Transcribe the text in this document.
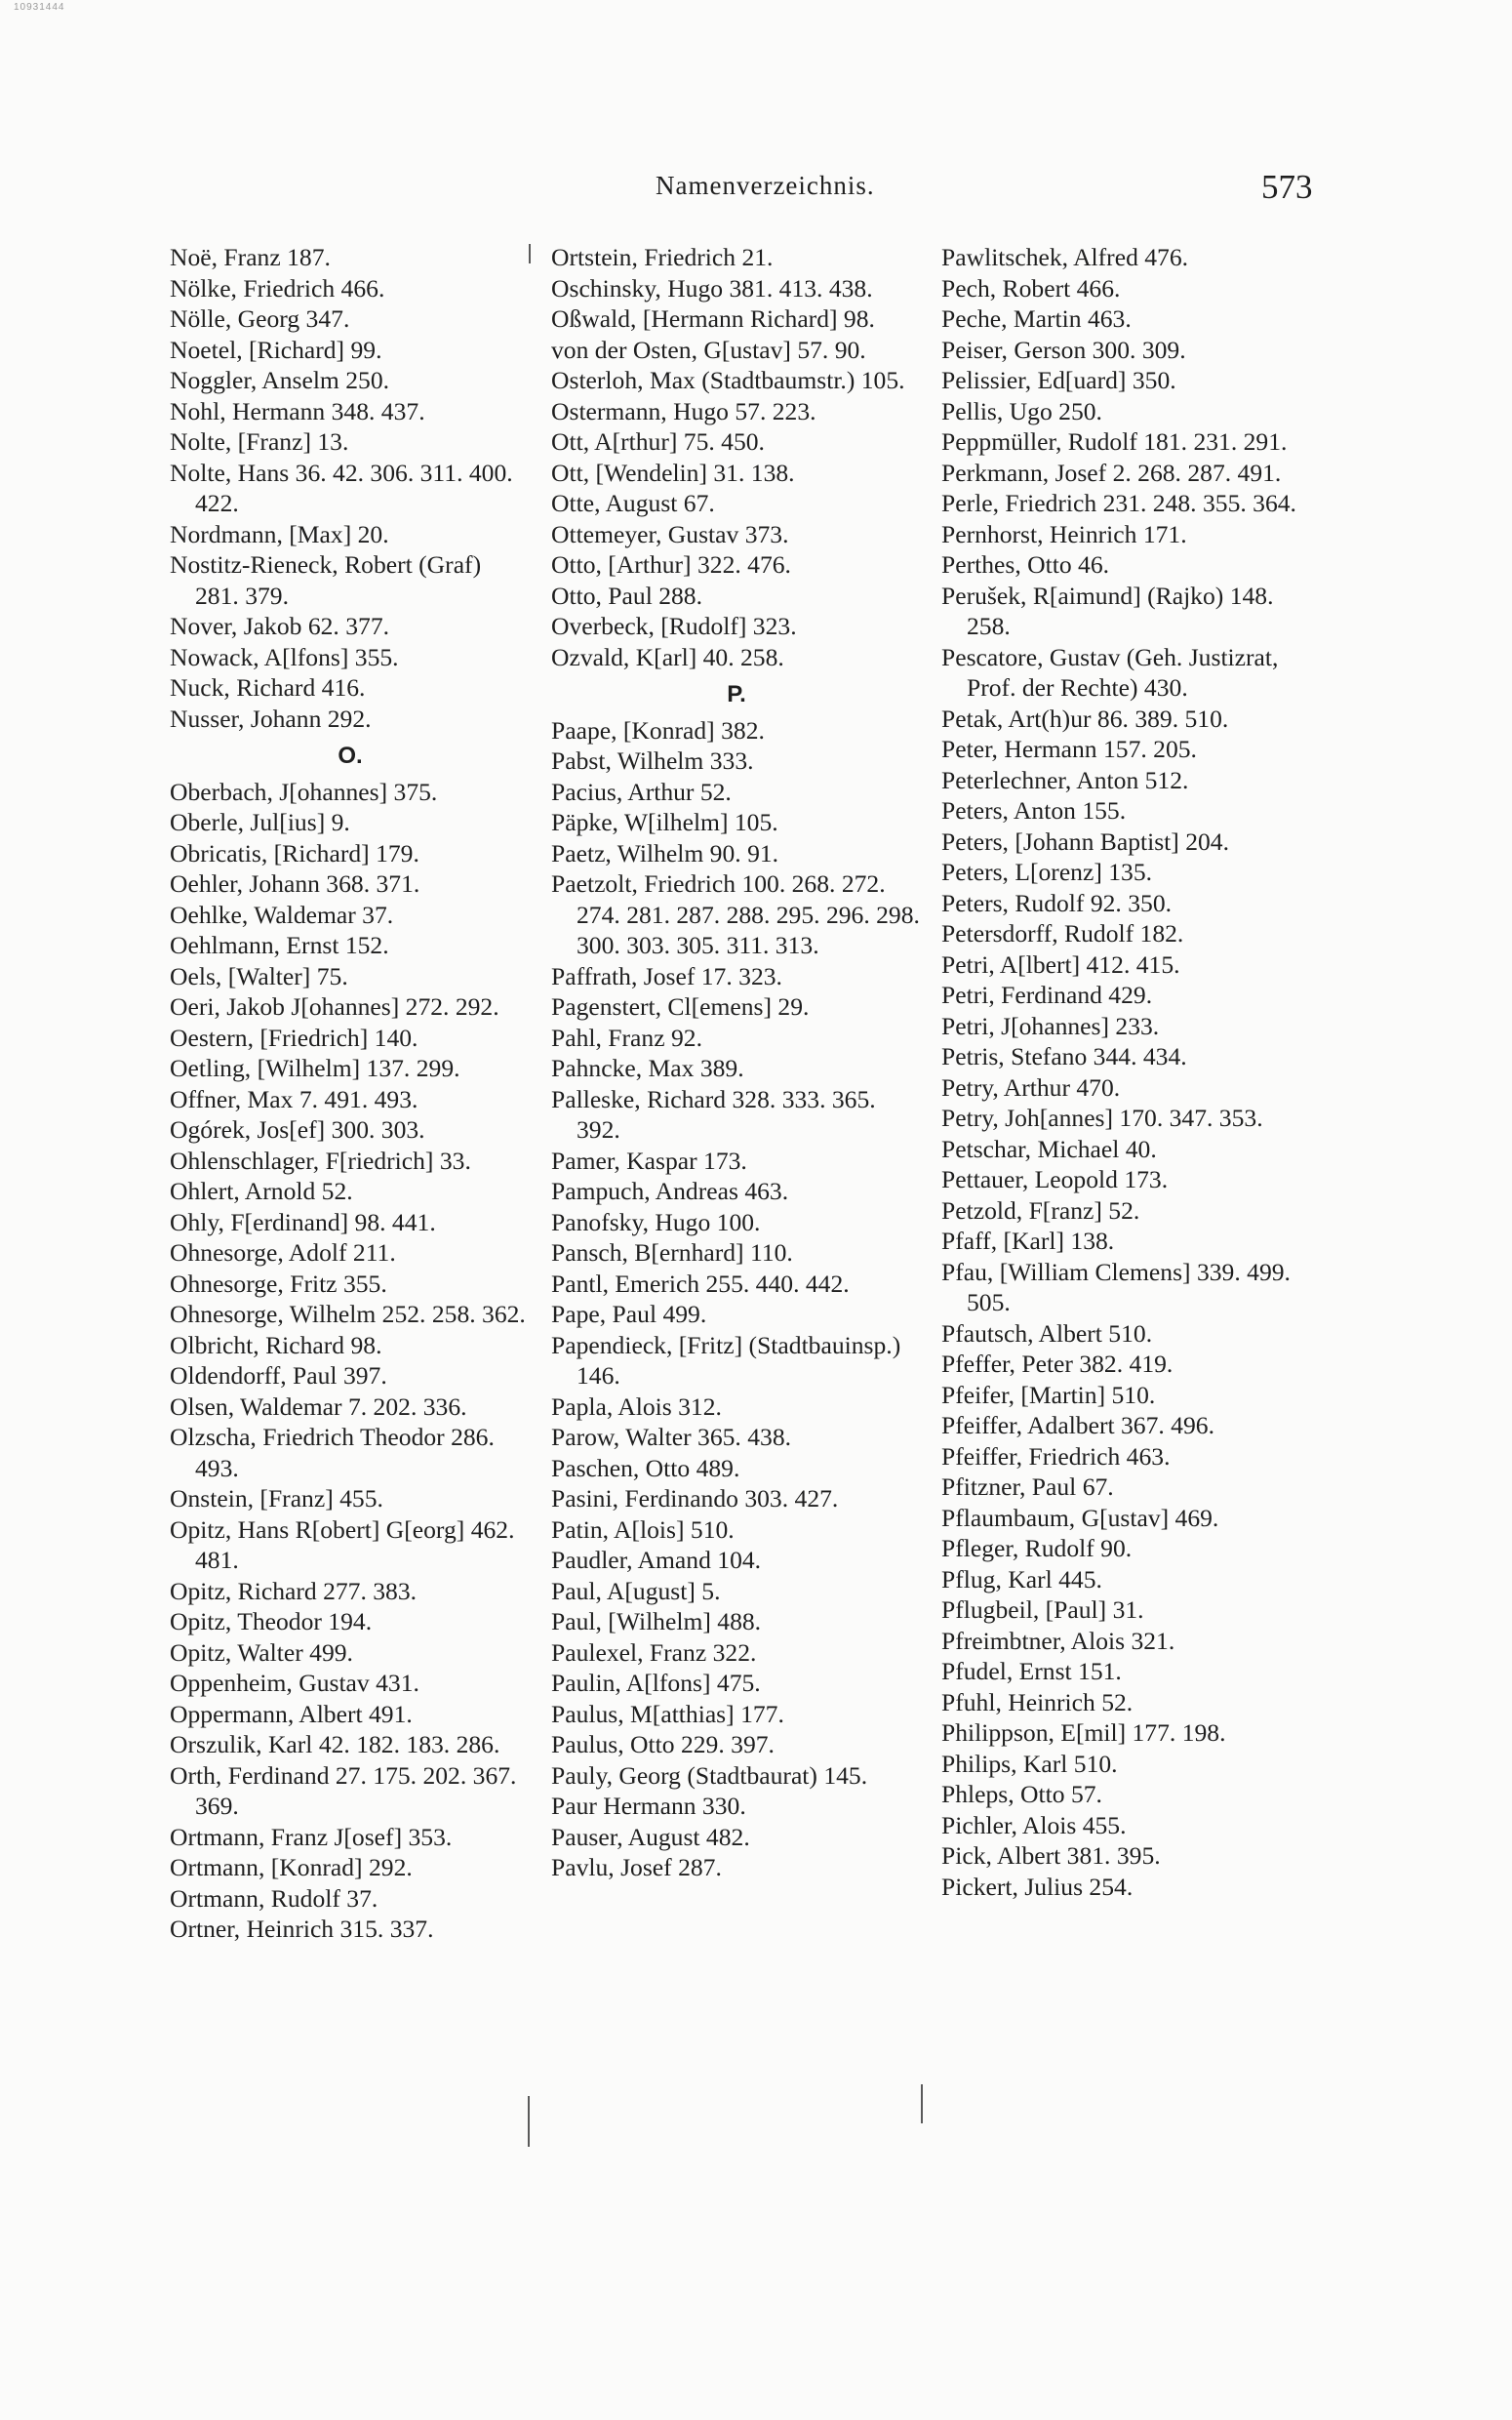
10931444
Namenverzeichnis.	573
Noë, Franz 187.
Nölke, Friedrich 466.
Nölle, Georg 347.
Noetel, [Richard] 99.
Noggler, Anselm 250.
Nohl, Hermann 348. 437.
Nolte, [Franz] 13.
Nolte, Hans 36. 42. 306. 311. 400. 422.
Nordmann, [Max] 20.
Nostitz-Rieneck, Robert (Graf) 281. 379.
Nover, Jakob 62. 377.
Nowack, A[lfons] 355.
Nuck, Richard 416.
Nusser, Johann 292.
O.
Oberbach, J[ohannes] 375.
Oberle, Jul[ius] 9.
Obricatis, [Richard] 179.
Oehler, Johann 368. 371.
Oehlke, Waldemar 37.
Oehlmann, Ernst 152.
Oels, [Walter] 75.
Oeri, Jakob J[ohannes] 272. 292.
Oestern, [Friedrich] 140.
Oetling, [Wilhelm] 137. 299.
Offner, Max 7. 491. 493.
Ogórek, Jos[ef] 300. 303.
Ohlenschlager, F[riedrich] 33.
Ohlert, Arnold 52.
Ohly, F[erdinand] 98. 441.
Ohnesorge, Adolf 211.
Ohnesorge, Fritz 355.
Ohnesorge, Wilhelm 252. 258. 362.
Olbricht, Richard 98.
Oldendorff, Paul 397.
Olsen, Waldemar 7. 202. 336.
Olzscha, Friedrich Theodor 286. 493.
Onstein, [Franz] 455.
Opitz, Hans R[obert] G[eorg] 462. 481.
Opitz, Richard 277. 383.
Opitz, Theodor 194.
Opitz, Walter 499.
Oppenheim, Gustav 431.
Oppermann, Albert 491.
Orszulik, Karl 42. 182. 183. 286.
Orth, Ferdinand 27. 175. 202. 367. 369.
Ortmann, Franz J[osef] 353.
Ortmann, [Konrad] 292.
Ortmann, Rudolf 37.
Ortner, Heinrich 315. 337.
Ortstein, Friedrich 21.
Oschinsky, Hugo 381. 413. 438.
Oßwald, [Hermann Richard] 98.
von der Osten, G[ustav] 57. 90.
Osterloh, Max (Stadtbaumstr.) 105.
Ostermann, Hugo 57. 223.
Ott, A[rthur] 75. 450.
Ott, [Wendelin] 31. 138.
Otte, August 67.
Ottemeyer, Gustav 373.
Otto, [Arthur] 322. 476.
Otto, Paul 288.
Overbeck, [Rudolf] 323.
Ozvald, K[arl] 40. 258.
P.
Paape, [Konrad] 382.
Pabst, Wilhelm 333.
Pacius, Arthur 52.
Päpke, W[ilhelm] 105.
Paetz, Wilhelm 90. 91.
Paetzolt, Friedrich 100. 268. 272. 274. 281. 287. 288. 295. 296. 298. 300. 303. 305. 311. 313.
Paffrath, Josef 17. 323.
Pagenstert, Cl[emens] 29.
Pahl, Franz 92.
Pahncke, Max 389.
Palleske, Richard 328. 333. 365. 392.
Pamer, Kaspar 173.
Pampuch, Andreas 463.
Panofsky, Hugo 100.
Pansch, B[ernhard] 110.
Pantl, Emerich 255. 440. 442.
Pape, Paul 499.
Papendieck, [Fritz] (Stadtbauinsp.) 146.
Papla, Alois 312.
Parow, Walter 365. 438.
Paschen, Otto 489.
Pasini, Ferdinando 303. 427.
Patin, A[lois] 510.
Paudler, Amand 104.
Paul, A[ugust] 5.
Paul, [Wilhelm] 488.
Paulexel, Franz 322.
Paulin, A[lfons] 475.
Paulus, M[atthias] 177.
Paulus, Otto 229. 397.
Pauly, Georg (Stadtbaurat) 145.
Paur Hermann 330.
Pauser, August 482.
Pavlu, Josef 287.
Pawlitschek, Alfred 476.
Pech, Robert 466.
Peche, Martin 463.
Peiser, Gerson 300. 309.
Pelissier, Ed[uard] 350.
Pellis, Ugo 250.
Peppmüller, Rudolf 181. 231. 291.
Perkmann, Josef 2. 268. 287. 491.
Perle, Friedrich 231. 248. 355. 364.
Pernhorst, Heinrich 171.
Perthes, Otto 46.
Perušek, R[aimund] (Rajko) 148. 258.
Pescatore, Gustav (Geh. Justizrat, Prof. der Rechte) 430.
Petak, Art(h)ur 86. 389. 510.
Peter, Hermann 157. 205.
Peterlechner, Anton 512.
Peters, Anton 155.
Peters, [Johann Baptist] 204.
Peters, L[orenz] 135.
Peters, Rudolf 92. 350.
Petersdorff, Rudolf 182.
Petri, A[lbert] 412. 415.
Petri, Ferdinand 429.
Petri, J[ohannes] 233.
Petris, Stefano 344. 434.
Petry, Arthur 470.
Petry, Joh[annes] 170. 347. 353.
Petschar, Michael 40.
Pettauer, Leopold 173.
Petzold, F[ranz] 52.
Pfaff, [Karl] 138.
Pfau, [William Clemens] 339. 499. 505.
Pfautsch, Albert 510.
Pfeffer, Peter 382. 419.
Pfeifer, [Martin] 510.
Pfeiffer, Adalbert 367. 496.
Pfeiffer, Friedrich 463.
Pfitzner, Paul 67.
Pflaumbaum, G[ustav] 469.
Pfleger, Rudolf 90.
Pflug, Karl 445.
Pflugbeil, [Paul] 31.
Pfreimbtner, Alois 321.
Pfudel, Ernst 151.
Pfuhl, Heinrich 52.
Philippson, E[mil] 177. 198.
Philips, Karl 510.
Phleps, Otto 57.
Pichler, Alois 455.
Pick, Albert 381. 395.
Pickert, Julius 254.
